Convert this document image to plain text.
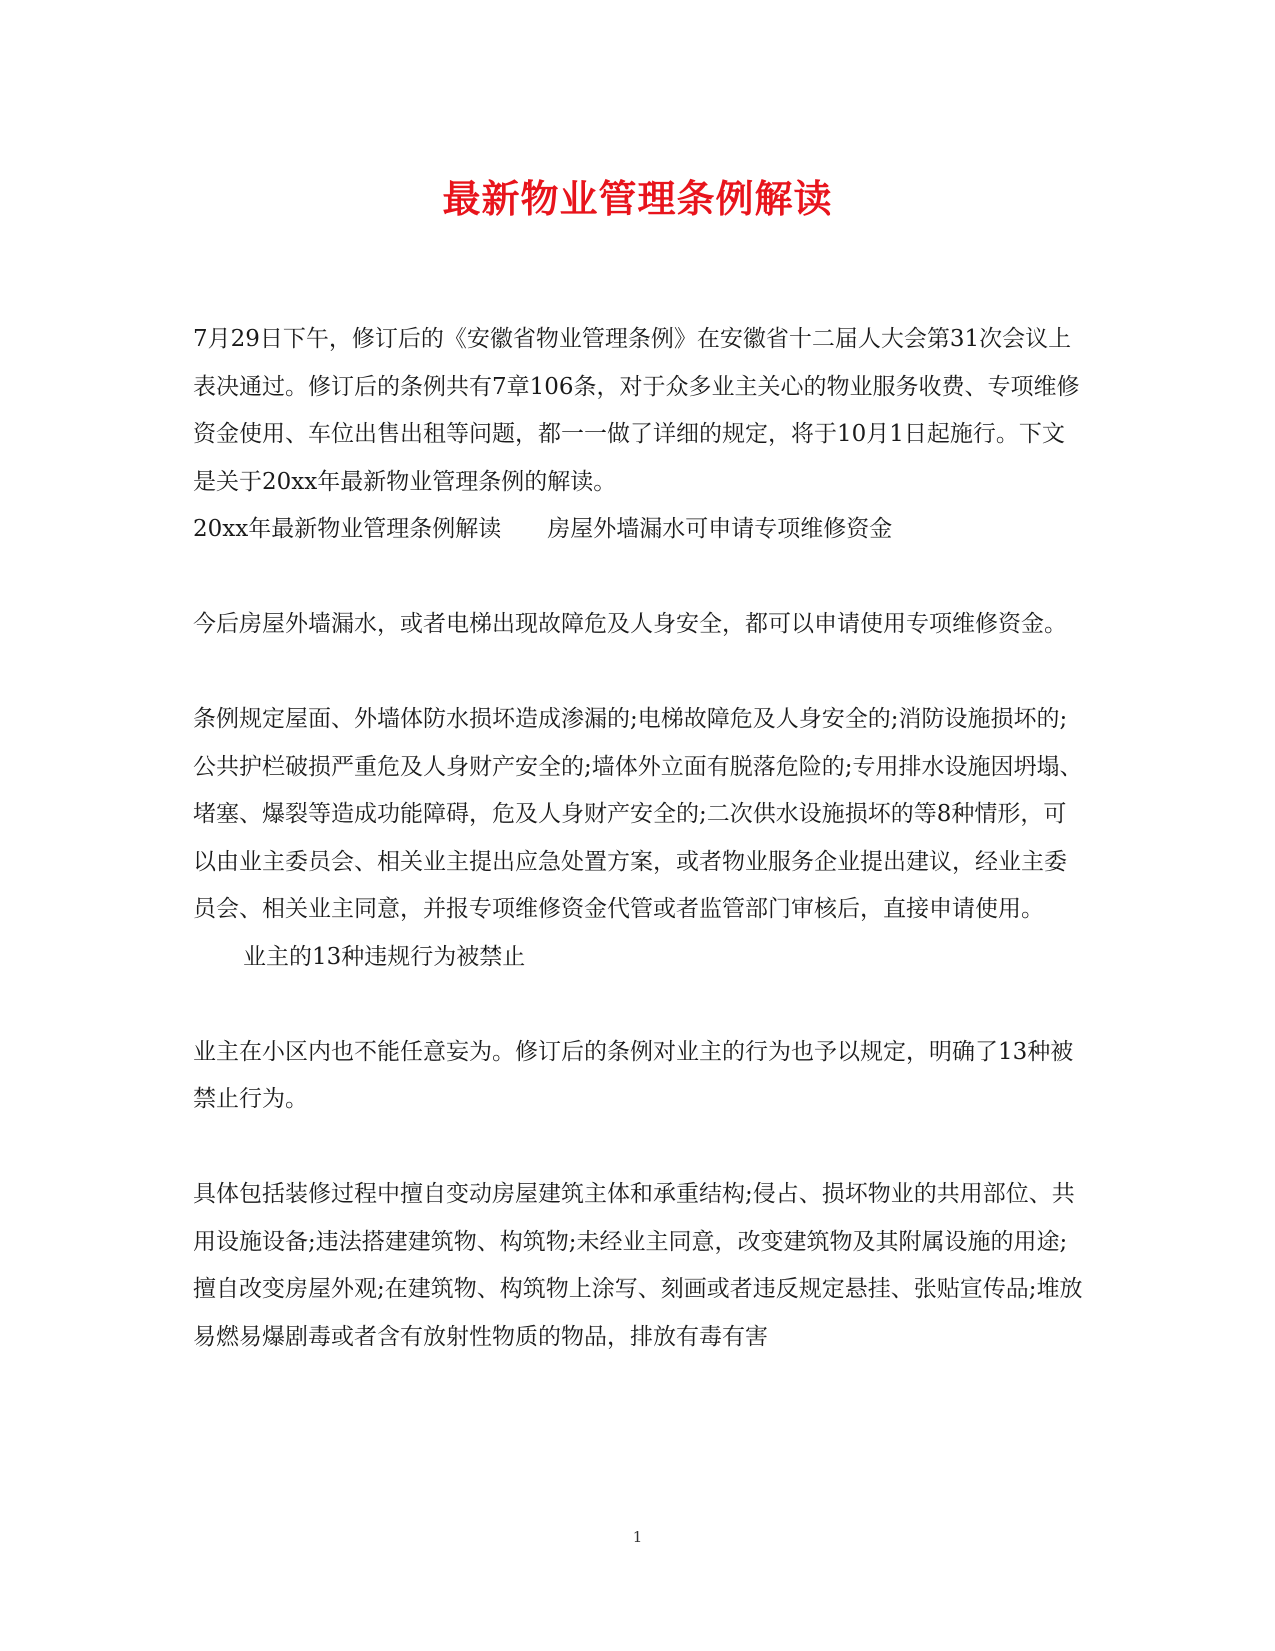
最新物业管理条例解读

7月29日下午，修订后的《安徽省物业管理条例》在安徽省十二届人大会第31次会议上表决通过。修订后的条例共有7章106条，对于众多业主关心的物业服务收费、专项维修资金使用、车位出售出租等问题，都一一做了详细的规定，将于10月1日起施行。下文是关于20xx年最新物业管理条例的解读。

20xx年最新物业管理条例解读　　房屋外墙漏水可申请专项维修资金

今后房屋外墙漏水，或者电梯出现故障危及人身安全，都可以申请使用专项维修资金。

条例规定屋面、外墙体防水损坏造成渗漏的;电梯故障危及人身安全的;消防设施损坏的;公共护栏破损严重危及人身财产安全的;墙体外立面有脱落危险的;专用排水设施因坍塌、堵塞、爆裂等造成功能障碍，危及人身财产安全的;二次供水设施损坏的等8种情形，可以由业主委员会、相关业主提出应急处置方案，或者物业服务企业提出建议，经业主委员会、相关业主同意，并报专项维修资金代管或者监管部门审核后，直接申请使用。

业主的13种违规行为被禁止

业主在小区内也不能任意妄为。修订后的条例对业主的行为也予以规定，明确了13种被禁止行为。

具体包括装修过程中擅自变动房屋建筑主体和承重结构;侵占、损坏物业的共用部位、共用设施设备;违法搭建建筑物、构筑物;未经业主同意，改变建筑物及其附属设施的用途;擅自改变房屋外观;在建筑物、构筑物上涂写、刻画或者违反规定悬挂、张贴宣传品;堆放易燃易爆剧毒或者含有放射性物质的物品，排放有毒有害

1
